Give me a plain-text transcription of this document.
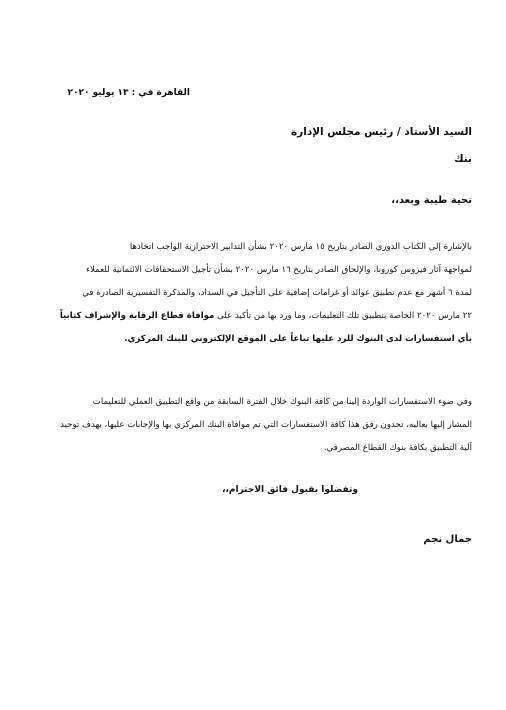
القاهرة في : ١٣ يوليو ٢٠٢٠
السيد الأستاذ / رئيس مجلس الإدارة
بنك
تحية طيبة وبعد،،
بالإشارة إلى الكتاب الدوري الصادر بتاريخ ١٥ مارس ٢٠٢٠ بشأن التدابير الاحترازية الواجب اتخاذها
لمواجهة آثار فيروس كورونا، والإلحاق الصادر بتاريخ ١٦ مارس ٢٠٢٠ بشأن تأجيل الاستحقاقات الائتمانية للعملاء
لمدة ٦ أشهر مع عدم تطبيق عوائد أو غرامات إضافية على التأجيل في السداد، والمذكرة التفسيرية الصادرة في
٢٢ مارس ٢٠٢٠ الخاصة بتطبيق تلك التعليمات، وما ورد بها من تأكيد على موافاة قطاع الرقابة والإشراف كتابياً
بأي استفسارات لدى البنوك للرد عليها تباعاً على الموقع الإلكتروني للبنك المركزي.
وفي ضوء الاستفسارات الواردة إلينا من كافة البنوك خلال الفترة السابقة من واقع التطبيق العملي للتعليمات
المشار إليها بعاليه، تجدون رفق هذا كافة الاستفسارات التي تم موافاة البنك المركزي بها والإجابات عليها، بهدف توحيد
آلية التطبيق بكافة بنوك القطاع المصرفي.
وتفضلوا بقبول فائق الاحترام،،
جمال نجم
